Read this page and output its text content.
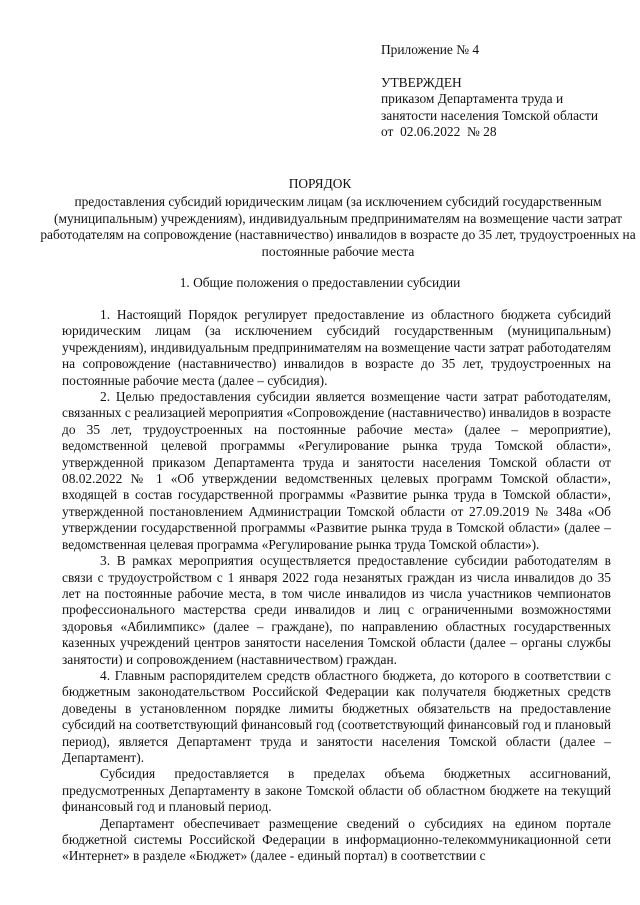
Приложение № 4
УТВЕРЖДЕН
приказом Департамента труда и
занятости населения Томской области
от  02.06.2022  № 28
ПОРЯДОК
предоставления субсидий юридическим лицам (за исключением субсидий государственным (муниципальным) учреждениям), индивидуальным предпринимателям на возмещение части затрат работодателям на сопровождение (наставничество) инвалидов в возрасте до 35 лет, трудоустроенных на постоянные рабочие места
1. Общие положения о предоставлении субсидии

1. Настоящий Порядок регулирует предоставление из областного бюджета субсидий юридическим лицам (за исключением субсидий государственным (муниципальным) учреждениям), индивидуальным предпринимателям на возмещение части затрат работодателям на сопровождение (наставничество) инвалидов в возрасте до 35 лет, трудоустроенных на постоянные рабочие места (далее – субсидия).

2. Целью предоставления субсидии является возмещение части затрат работодателям, связанных с реализацией мероприятия «Сопровождение (наставничество) инвалидов в возрасте до 35 лет, трудоустроенных на постоянные рабочие места» (далее – мероприятие), ведомственной целевой программы «Регулирование рынка труда Томской области», утвержденной приказом Департамента труда и занятости населения Томской области от 08.02.2022 № 1 «Об утверждении ведомственных целевых программ Томской области», входящей в состав государственной программы «Развитие рынка труда в Томской области», утвержденной постановлением Администрации Томской области от 27.09.2019 № 348а «Об утверждении государственной программы «Развитие рынка труда в Томской области» (далее – ведомственная целевая программа «Регулирование рынка труда Томской области»).

3. В рамках мероприятия осуществляется предоставление субсидии работодателям в связи с трудоустройством с 1 января 2022 года незанятых граждан из числа инвалидов до 35 лет на постоянные рабочие места, в том числе инвалидов из числа участников чемпионатов профессионального мастерства среди инвалидов и лиц с ограниченными возможностями здоровья «Абилимпикс» (далее – граждане), по направлению областных государственных казенных учреждений центров занятости населения Томской области (далее – органы службы занятости) и сопровождением (наставничеством) граждан.

4. Главным распорядителем средств областного бюджета, до которого в соответствии с бюджетным законодательством Российской Федерации как получателя бюджетных средств доведены в установленном порядке лимиты бюджетных обязательств на предоставление субсидий на соответствующий финансовый год (соответствующий финансовый год и плановый период), является Департамент труда и занятости населения Томской области (далее – Департамент).

Субсидия предоставляется в пределах объема бюджетных ассигнований, предусмотренных Департаменту в законе Томской области об областном бюджете на текущий финансовый год и плановый период.

Департамент обеспечивает размещение сведений о субсидиях на едином портале бюджетной системы Российской Федерации в информационно-телекоммуникационной сети «Интернет» в разделе «Бюджет» (далее - единый портал) в соответствии с
